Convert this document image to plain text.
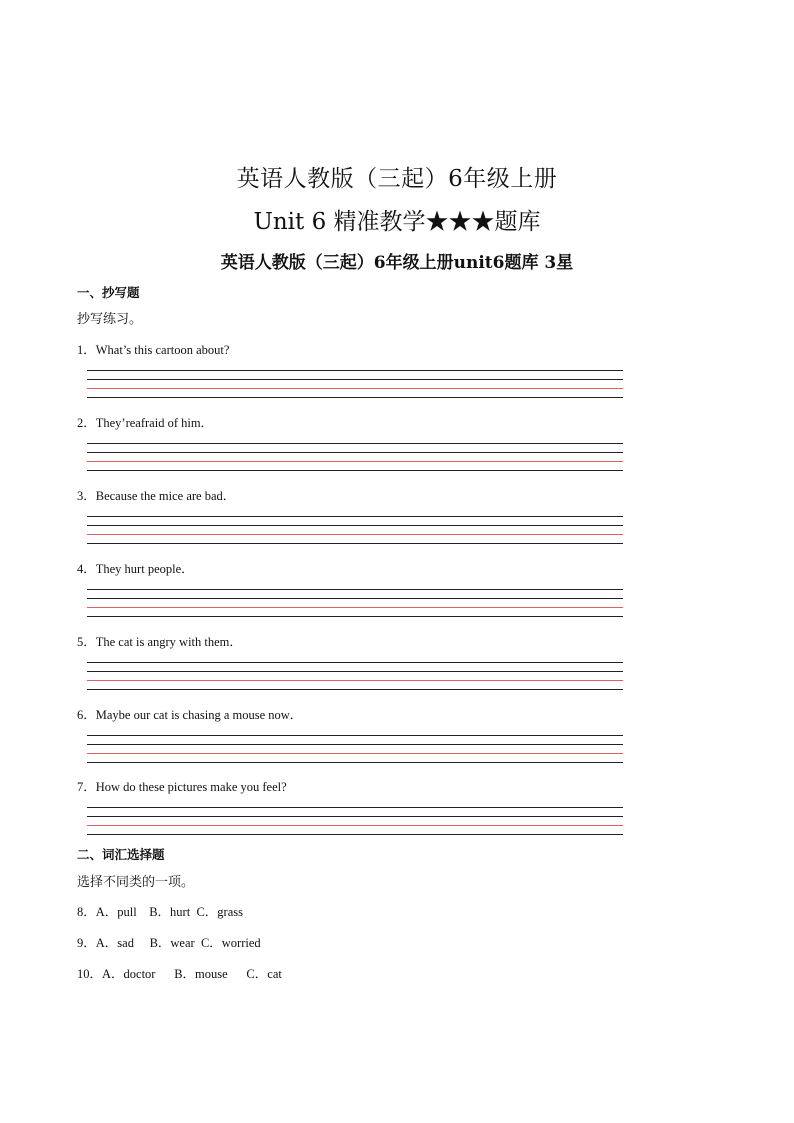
英语人教版（三起）6年级上册
Unit 6 精准教学★★★题库
英语人教版（三起）6年级上册unit6题库 3星
一、抄写题
抄写练习。
1．What’s this cartoon about?
2．They’reafraid of him．
3．Because the mice are bad．
4．They hurt people．
5．The cat is angry with them．
6．Maybe our cat is chasing a mouse now．
7．How do these pictures make you feel?
二、词汇选择题
选择不同类的一项。
8．A．pull    B．hurt  C．grass
9．A．sad     B．wear  C．worried
10．A．doctor      B．mouse      C．cat
